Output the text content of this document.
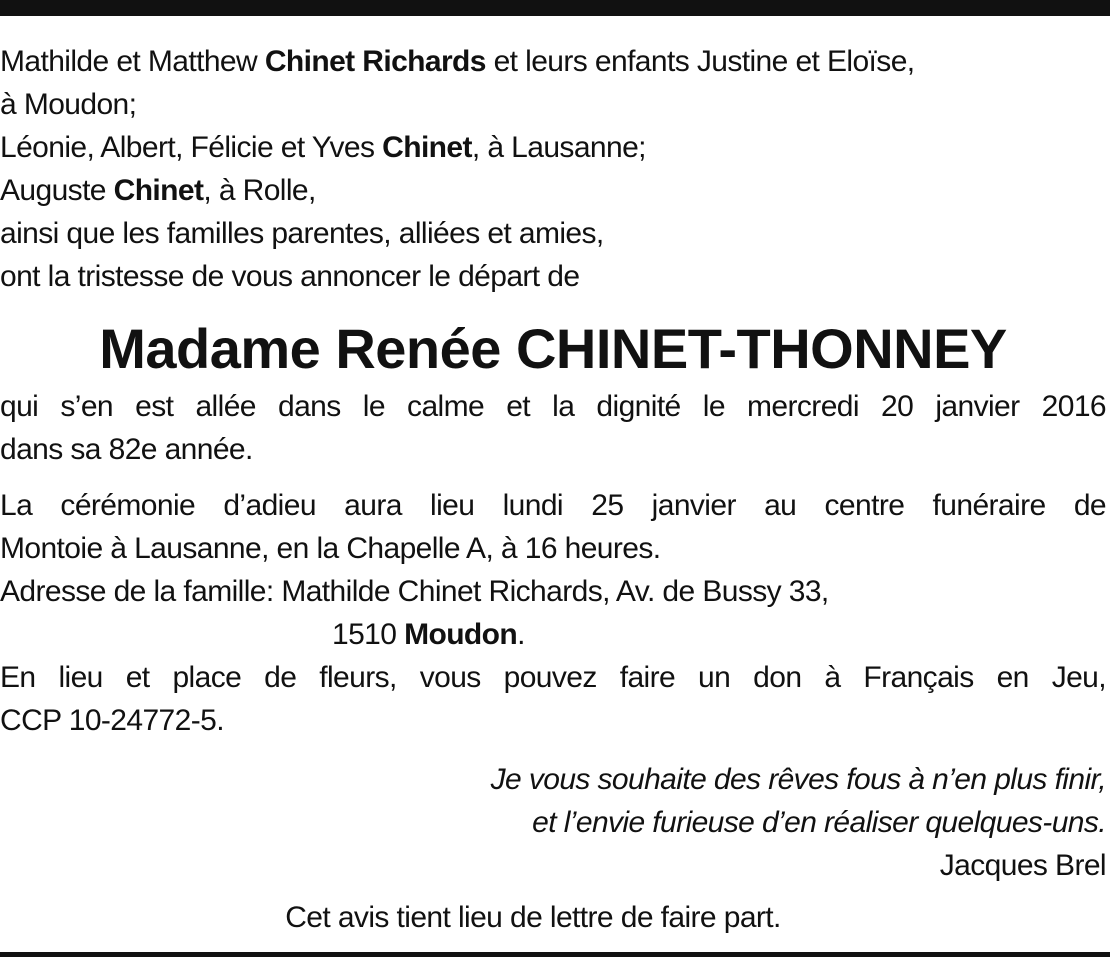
Mathilde et Matthew Chinet Richards et leurs enfants Justine et Eloïse,
à Moudon;
Léonie, Albert, Félicie et Yves Chinet, à Lausanne;
Auguste Chinet, à Rolle,
ainsi que les familles parentes, alliées et amies,
ont la tristesse de vous annoncer le départ de
Madame Renée CHINET-THONNEY
qui s’en est allée dans le calme et la dignité le mercredi 20 janvier 2016
dans sa 82e année.
La cérémonie d’adieu aura lieu lundi 25 janvier au centre funéraire de
Montoie à Lausanne, en la Chapelle A, à 16 heures.
Adresse de la famille: Mathilde Chinet Richards, Av. de Bussy 33,
1510 Moudon.
En lieu et place de fleurs, vous pouvez faire un don à Français en Jeu,
CCP 10-24772-5.
Je vous souhaite des rêves fous à n’en plus finir,
et l’envie furieuse d’en réaliser quelques-uns.
Jacques Brel
Cet avis tient lieu de lettre de faire part.
